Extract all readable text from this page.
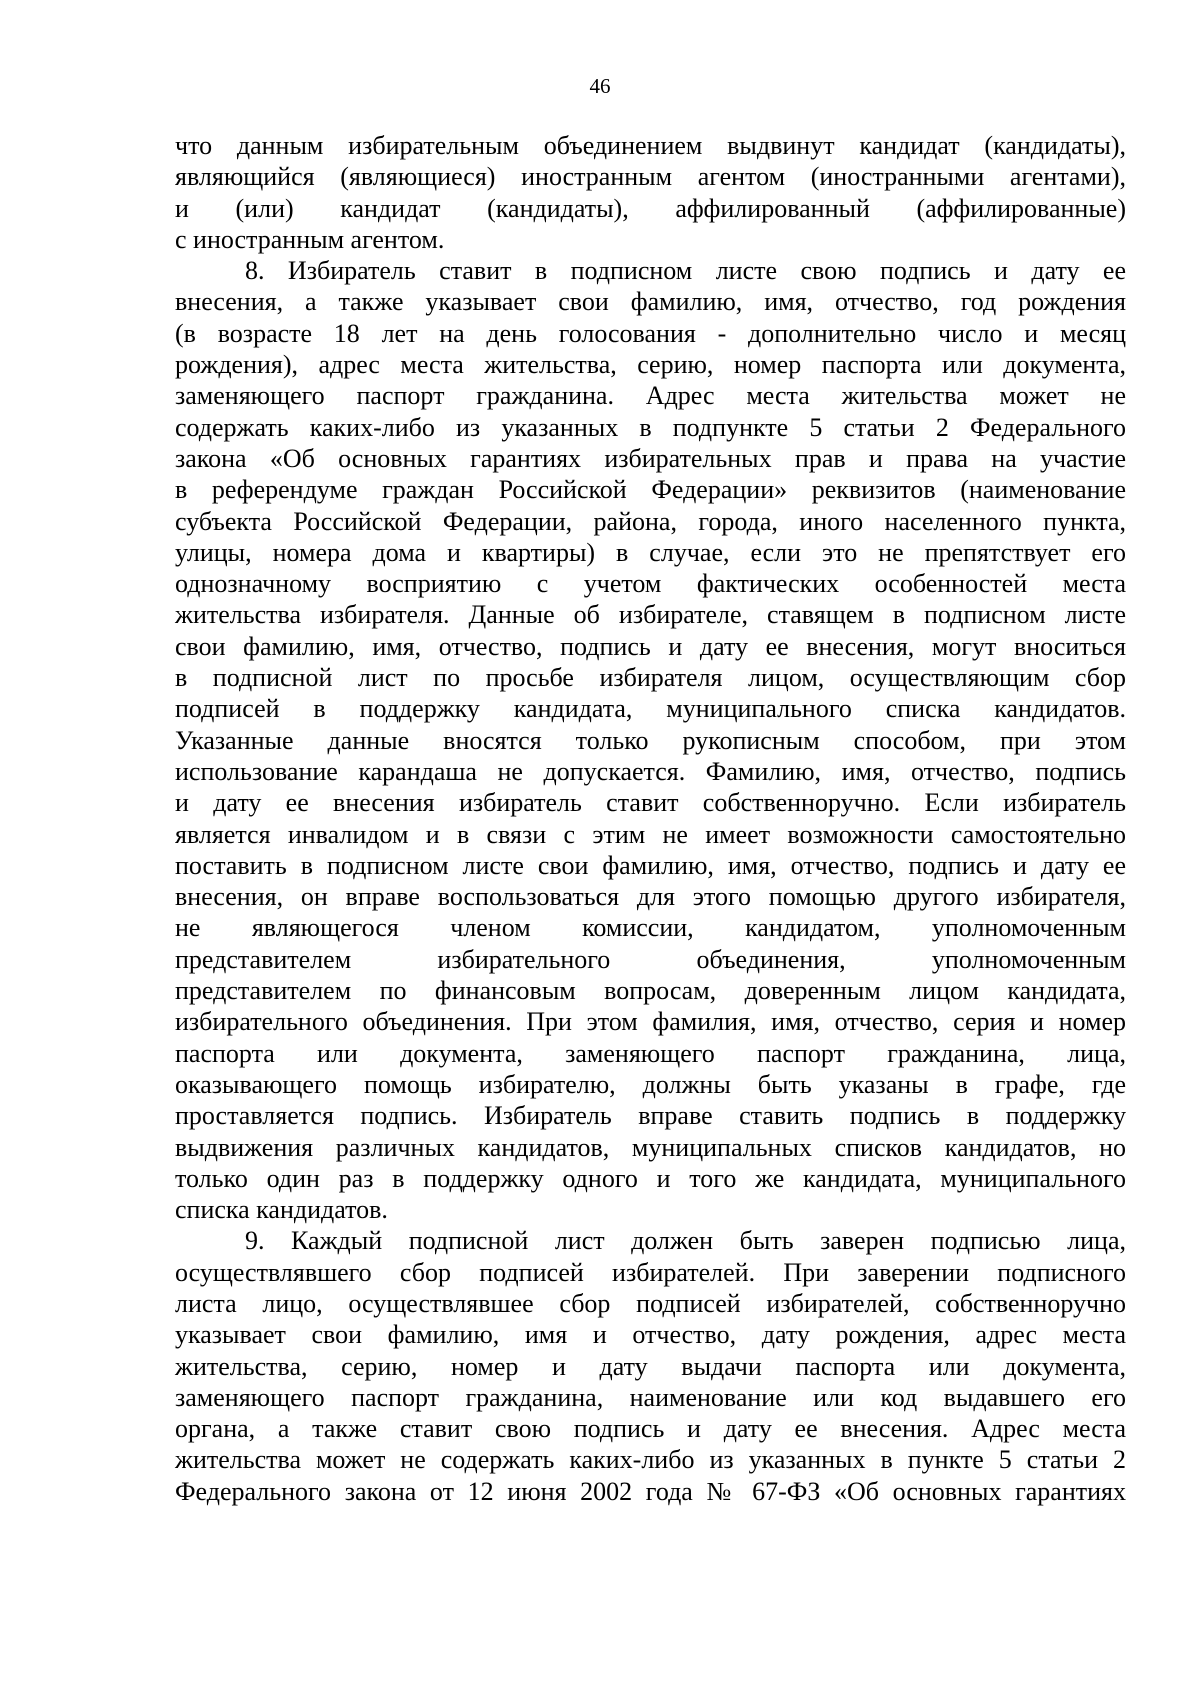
46
что данным избирательным объединением выдвинут кандидат (кандидаты),
являющийся (являющиеся) иностранным агентом (иностранными агентами),
и (или) кандидат (кандидаты), аффилированный (аффилированные)
с иностранным агентом.
8. Избиратель ставит в подписном листе свою подпись и дату ее
внесения, а также указывает свои фамилию, имя, отчество, год рождения
(в возрасте 18 лет на день голосования - дополнительно число и месяц
рождения), адрес места жительства, серию, номер паспорта или документа,
заменяющего паспорт гражданина. Адрес места жительства может не
содержать каких-либо из указанных в подпункте 5 статьи 2 Федерального
закона «Об основных гарантиях избирательных прав и права на участие
в референдуме граждан Российской Федерации» реквизитов (наименование
субъекта Российской Федерации, района, города, иного населенного пункта,
улицы, номера дома и квартиры) в случае, если это не препятствует его
однозначному восприятию с учетом фактических особенностей места
жительства избирателя. Данные об избирателе, ставящем в подписном листе
свои фамилию, имя, отчество, подпись и дату ее внесения, могут вноситься
в подписной лист по просьбе избирателя лицом, осуществляющим сбор
подписей в поддержку кандидата, муниципального списка кандидатов.
Указанные данные вносятся только рукописным способом, при этом
использование карандаша не допускается. Фамилию, имя, отчество, подпись
и дату ее внесения избиратель ставит собственноручно. Если избиратель
является инвалидом и в связи с этим не имеет возможности самостоятельно
поставить в подписном листе свои фамилию, имя, отчество, подпись и дату ее
внесения, он вправе воспользоваться для этого помощью другого избирателя,
не являющегося членом комиссии, кандидатом, уполномоченным
представителем избирательного объединения, уполномоченным
представителем по финансовым вопросам, доверенным лицом кандидата,
избирательного объединения. При этом фамилия, имя, отчество, серия и номер
паспорта или документа, заменяющего паспорт гражданина, лица,
оказывающего помощь избирателю, должны быть указаны в графе, где
проставляется подпись. Избиратель вправе ставить подпись в поддержку
выдвижения различных кандидатов, муниципальных списков кандидатов, но
только один раз в поддержку одного и того же кандидата, муниципального
списка кандидатов.
9. Каждый подписной лист должен быть заверен подписью лица,
осуществлявшего сбор подписей избирателей. При заверении подписного
листа лицо, осуществлявшее сбор подписей избирателей, собственноручно
указывает свои фамилию, имя и отчество, дату рождения, адрес места
жительства, серию, номер и дату выдачи паспорта или документа,
заменяющего паспорт гражданина, наименование или код выдавшего его
органа, а также ставит свою подпись и дату ее внесения. Адрес места
жительства может не содержать каких-либо из указанных в пункте 5 статьи 2
Федерального закона от 12 июня 2002 года № 67-ФЗ «Об основных гарантиях
